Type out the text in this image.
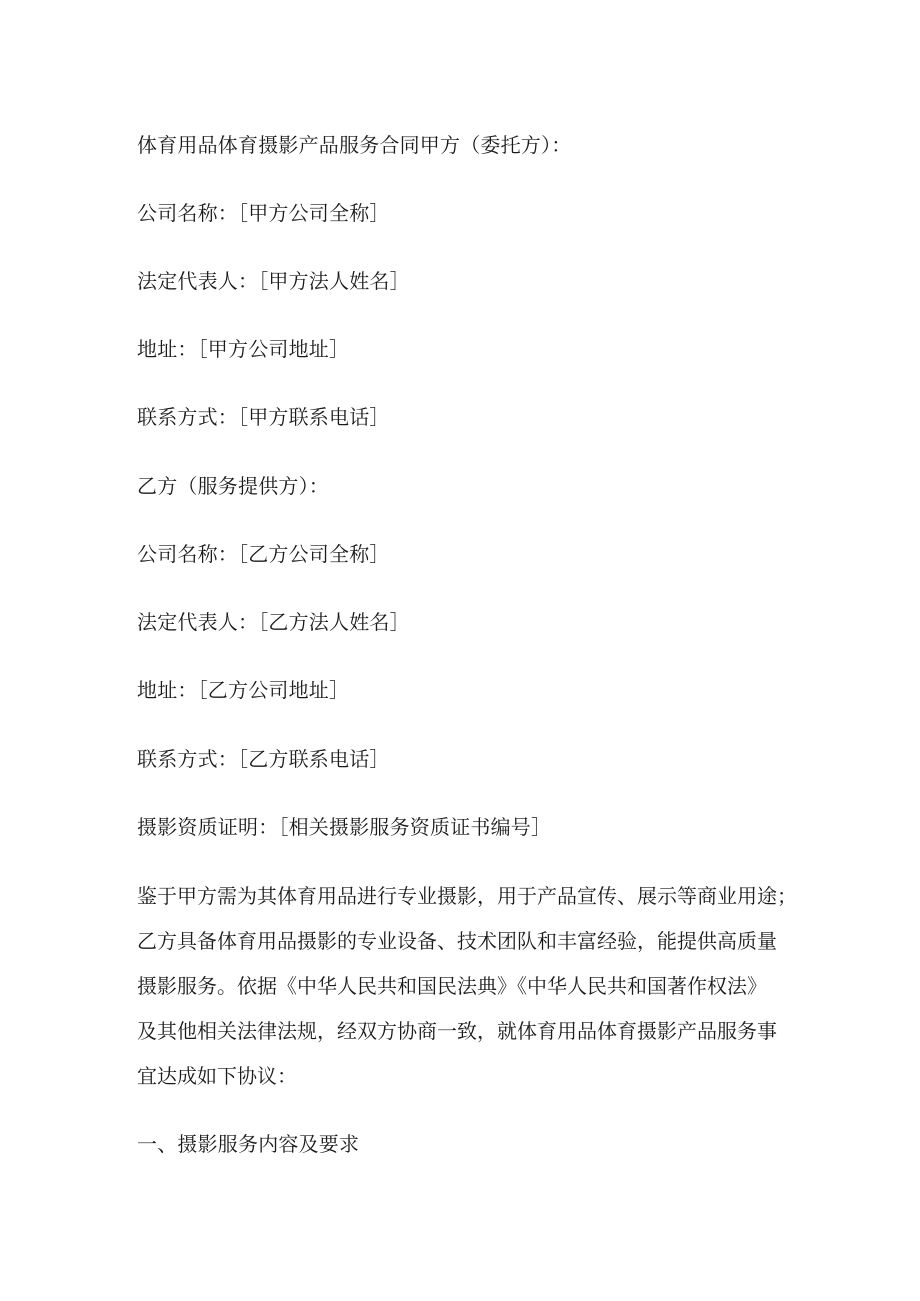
体育用品体育摄影产品服务合同甲方（委托方）：
公司名称：［甲方公司全称］
法定代表人：［甲方法人姓名］
地址：［甲方公司地址］
联系方式：［甲方联系电话］
乙方（服务提供方）：
公司名称：［乙方公司全称］
法定代表人：［乙方法人姓名］
地址：［乙方公司地址］
联系方式：［乙方联系电话］
摄影资质证明：［相关摄影服务资质证书编号］
鉴于甲方需为其体育用品进行专业摄影，用于产品宣传、展示等商业用途；
乙方具备体育用品摄影的专业设备、技术团队和丰富经验，能提供高质量
摄影服务。依据《中华人民共和国民法典》《中华人民共和国著作权法》
及其他相关法律法规，经双方协商一致，就体育用品体育摄影产品服务事
宜达成如下协议：
一、摄影服务内容及要求
